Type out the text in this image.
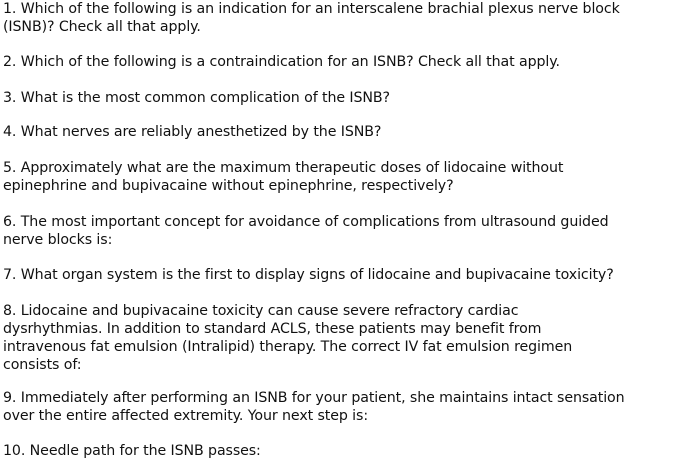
1. Which of the following is an indication for an interscalene brachial plexus nerve block
(ISNB)? Check all that apply.

2. Which of the following is a contraindication for an ISNB? Check all that apply.

3. What is the most common complication of the ISNB?

4. What nerves are reliably anesthetized by the ISNB?

5. Approximately what are the maximum therapeutic doses of lidocaine without
epinephrine and bupivacaine without epinephrine, respectively?

6. The most important concept for avoidance of complications from ultrasound guided
nerve blocks is:

7. What organ system is the first to display signs of lidocaine and bupivacaine toxicity?

8. Lidocaine and bupivacaine toxicity can cause severe refractory cardiac
dysrhythmias. In addition to standard ACLS, these patients may benefit from
intravenous fat emulsion (Intralipid) therapy. The correct IV fat emulsion regimen
consists of:

9. Immediately after performing an ISNB for your patient, she maintains intact sensation
over the entire affected extremity. Your next step is:

10. Needle path for the ISNB passes:
